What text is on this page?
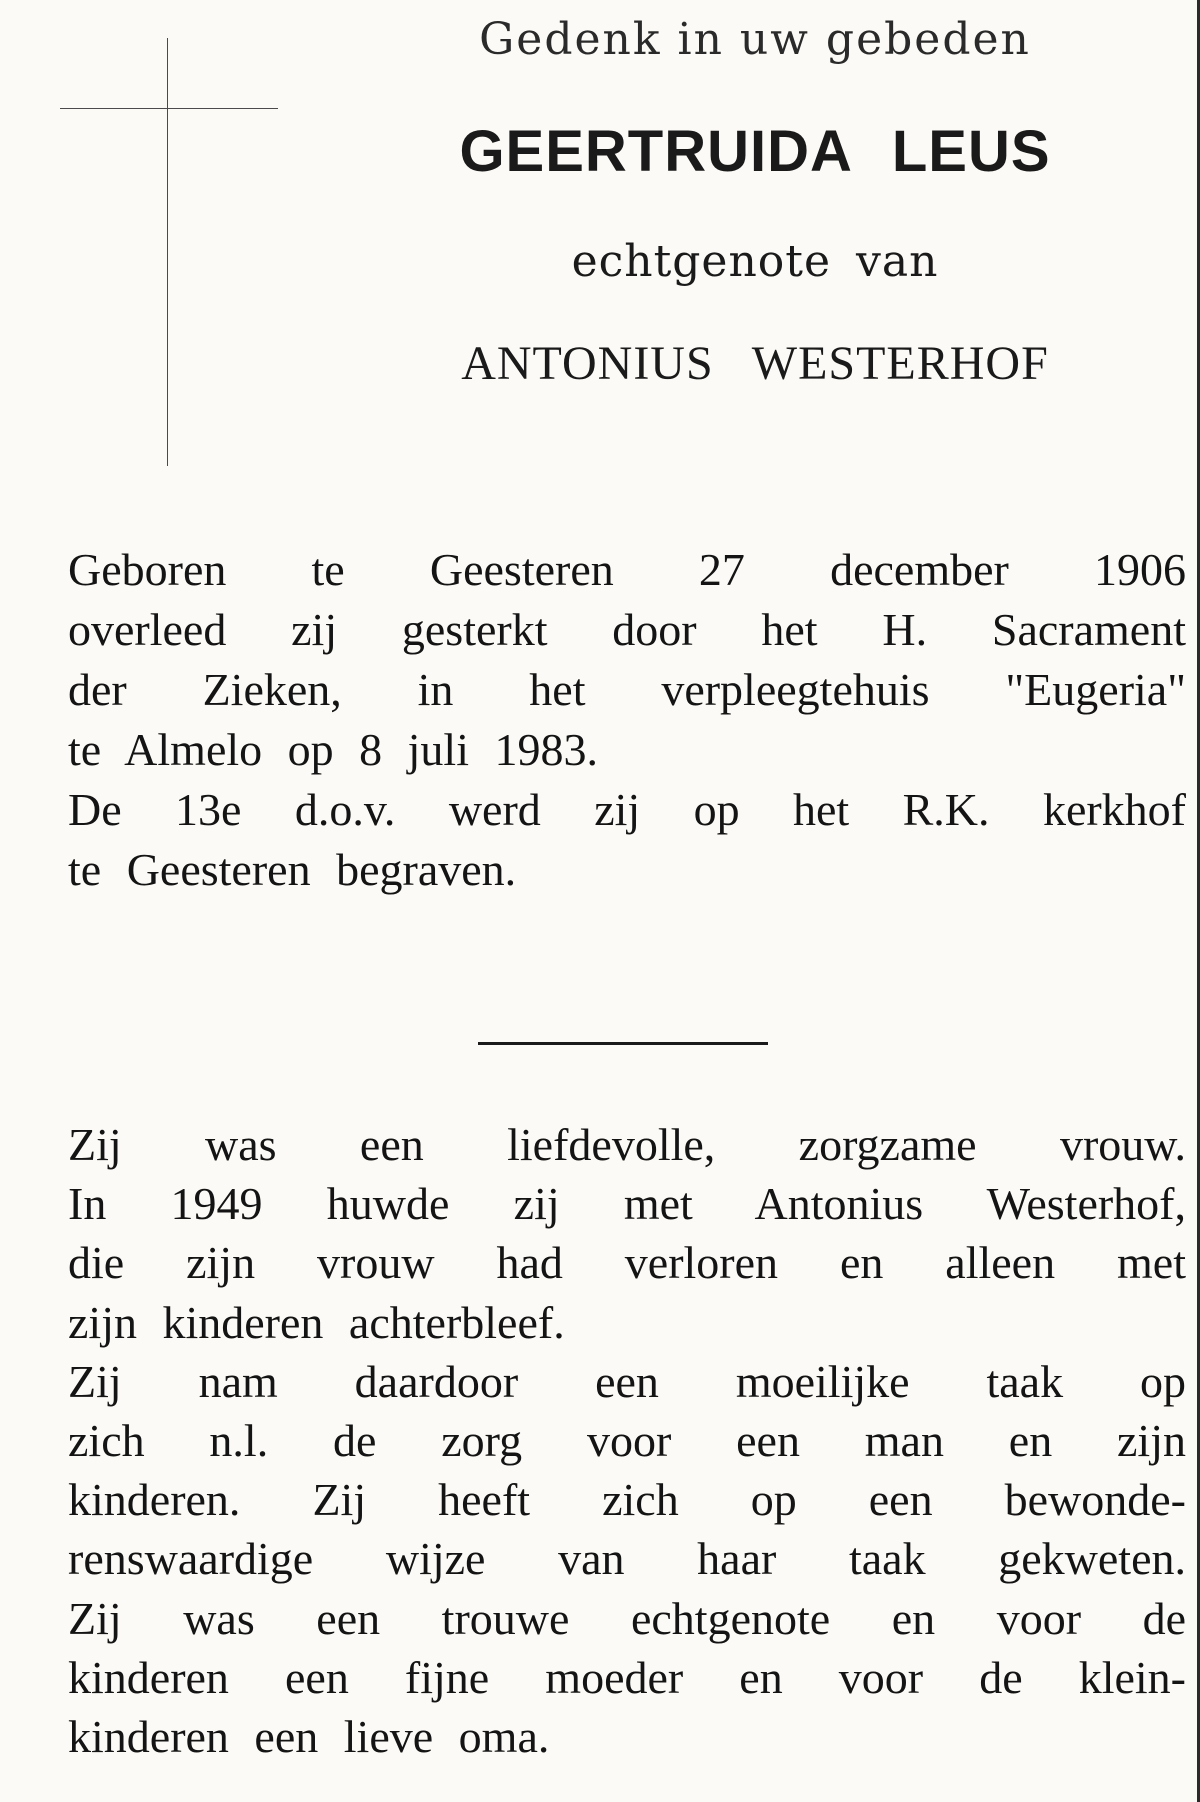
Gedenk in uw gebeden
GEERTRUIDA LEUS
echtgenote van
ANTONIUS WESTERHOF
Geboren te Geesteren 27 december 1906
overleed zij gesterkt door het H. Sacrament
der Zieken, in het verpleegtehuis "Eugeria"
te Almelo op 8 juli 1983.
De 13e d.o.v. werd zij op het R.K. kerkhof
te Geesteren begraven.
Zij was een liefdevolle, zorgzame vrouw.
In 1949 huwde zij met Antonius Westerhof,
die zijn vrouw had verloren en alleen met
zijn kinderen achterbleef.
Zij nam daardoor een moeilijke taak op
zich n.l. de zorg voor een man en zijn
kinderen. Zij heeft zich op een bewonde-
renswaardige wijze van haar taak gekweten.
Zij was een trouwe echtgenote en voor de
kinderen een fijne moeder en voor de klein-
kinderen een lieve oma.
